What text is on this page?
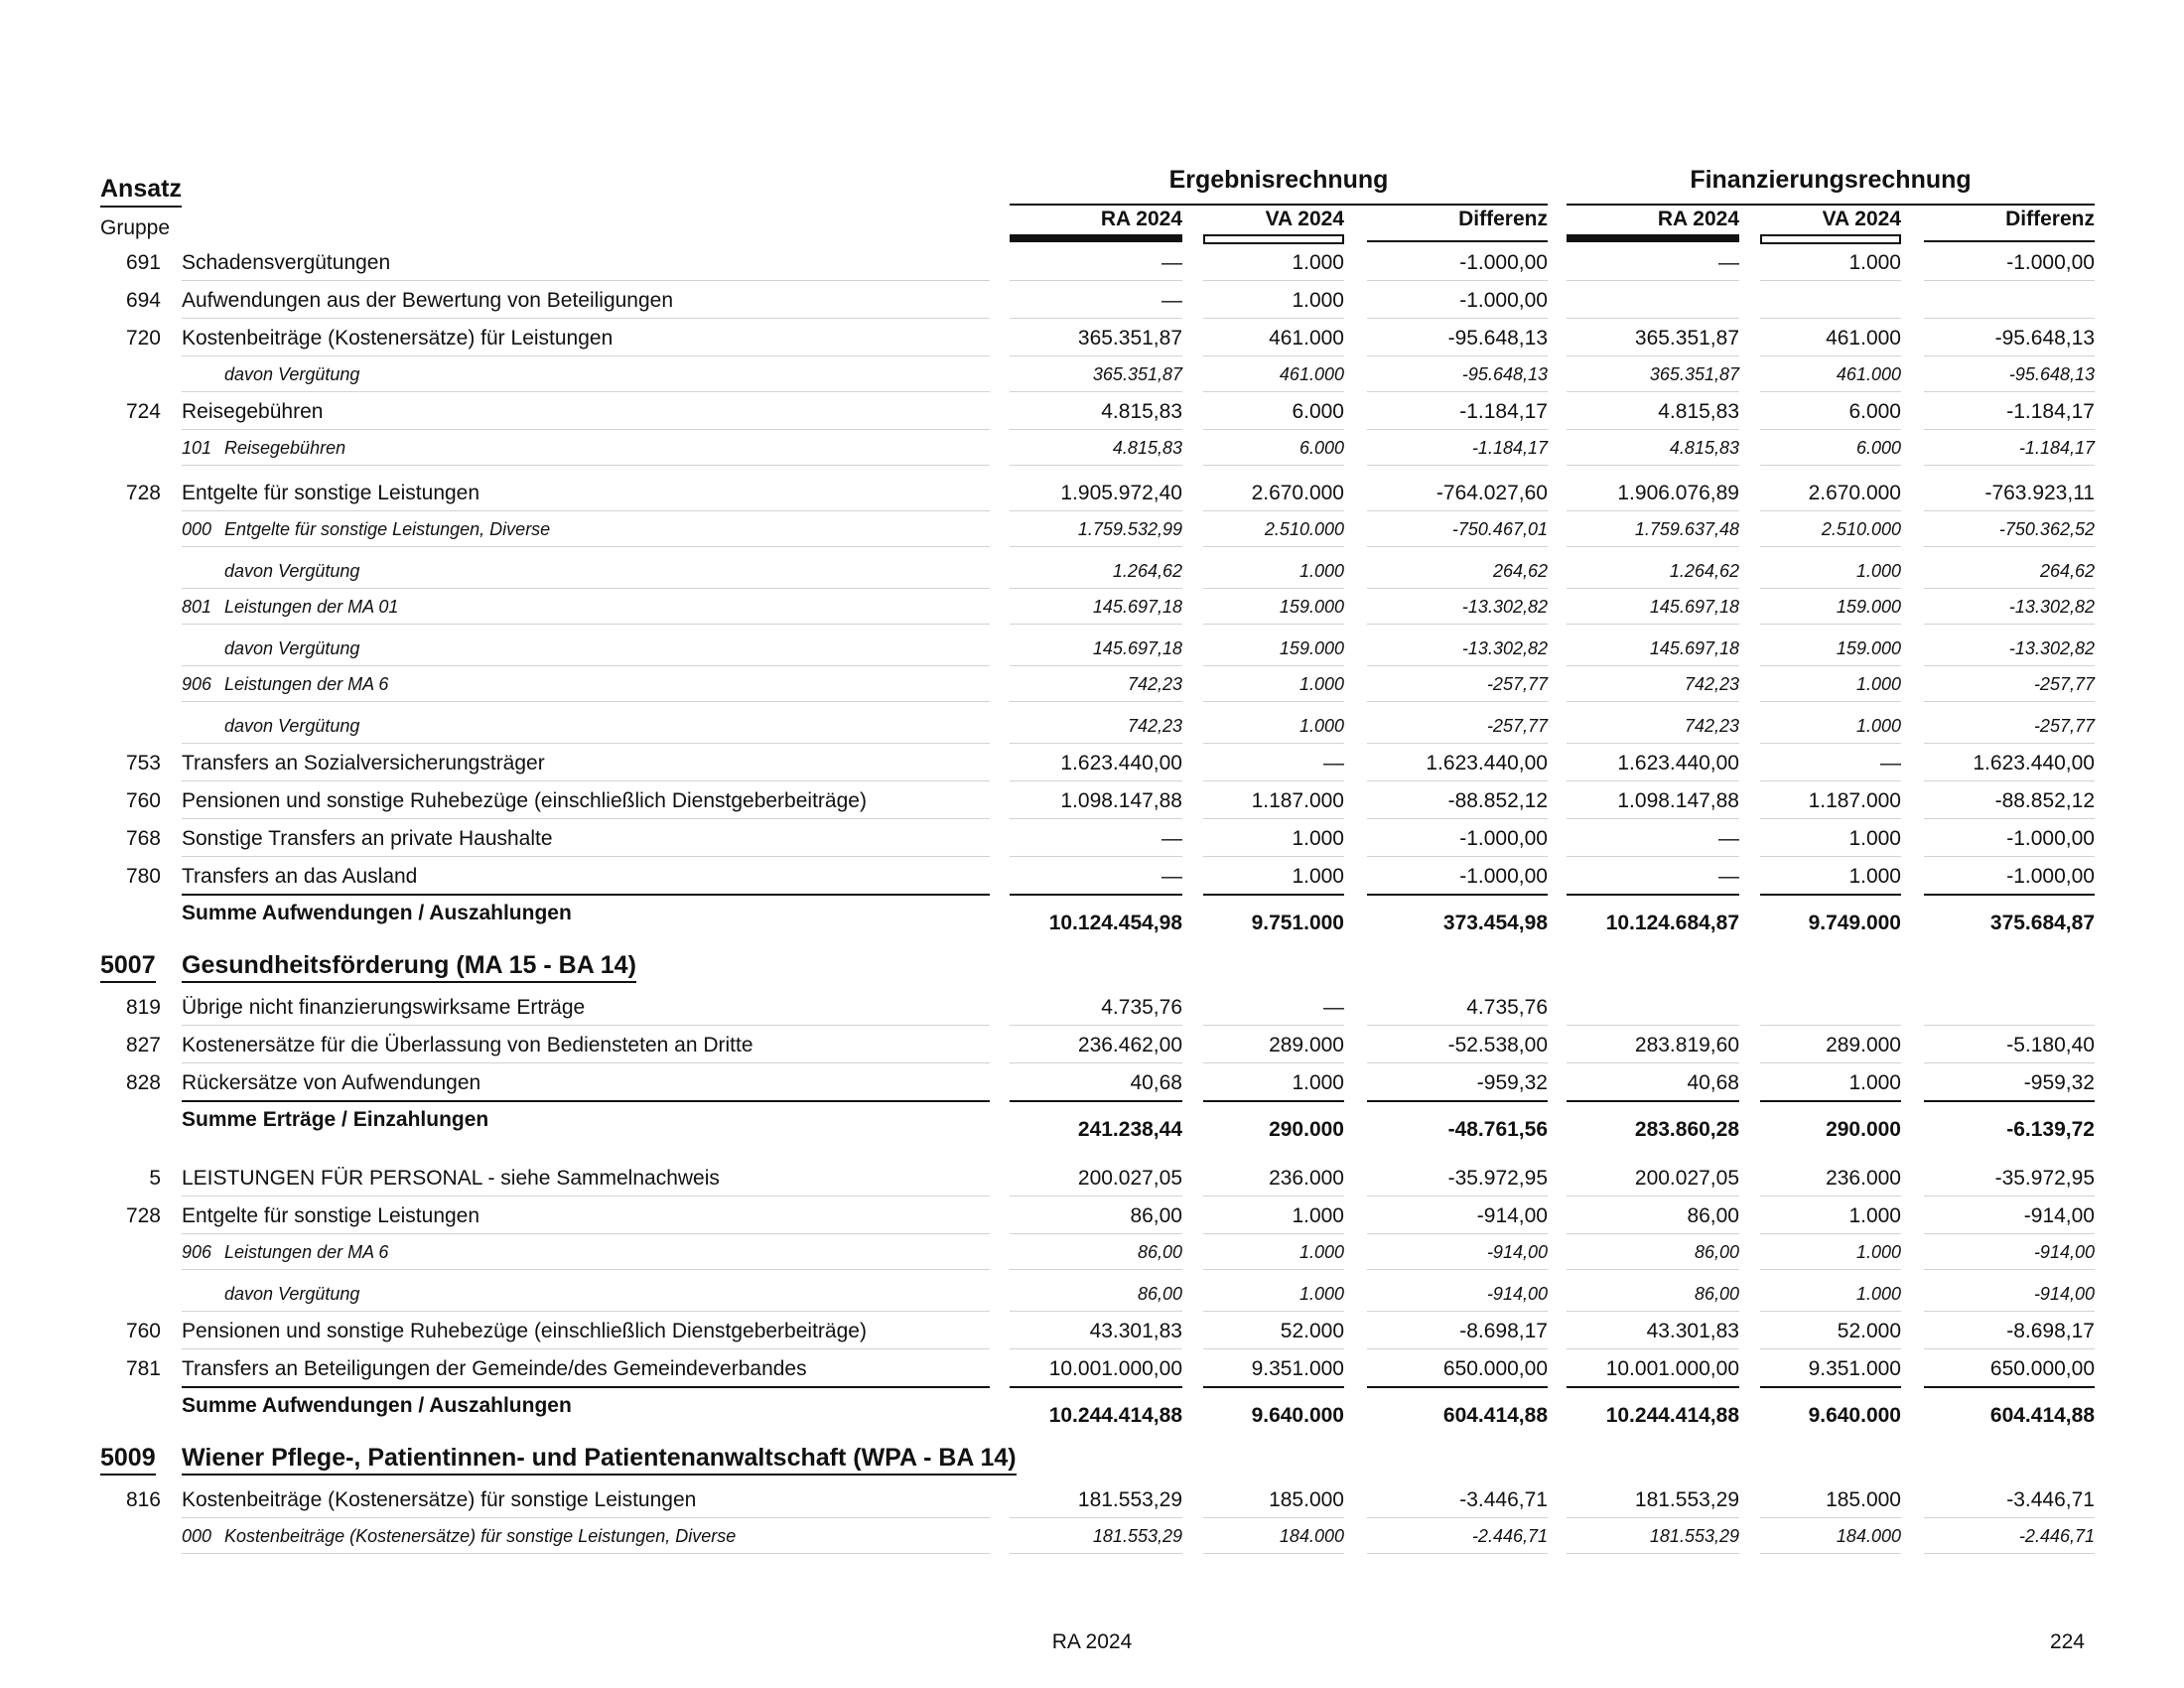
Ansatz
Gruppe
Ergebnisrechnung	Finanzierungsrechnung
RA 2024	VA 2024	Differenz	RA 2024	VA 2024	Differenz
691 Schadensvergütungen	—	1.000	-1.000,00	—	1.000	-1.000,00
694 Aufwendungen aus der Bewertung von Beteiligungen	—	1.000	-1.000,00
720 Kostenbeiträge (Kostenersätze) für Leistungen	365.351,87	461.000	-95.648,13	365.351,87	461.000	-95.648,13
davon Vergütung	365.351,87	461.000	-95.648,13	365.351,87	461.000	-95.648,13
724 Reisegebühren	4.815,83	6.000	-1.184,17	4.815,83	6.000	-1.184,17
101 Reisegebühren	4.815,83	6.000	-1.184,17	4.815,83	6.000	-1.184,17
728 Entgelte für sonstige Leistungen	1.905.972,40	2.670.000	-764.027,60	1.906.076,89	2.670.000	-763.923,11
000 Entgelte für sonstige Leistungen, Diverse	1.759.532,99	2.510.000	-750.467,01	1.759.637,48	2.510.000	-750.362,52
davon Vergütung	1.264,62	1.000	264,62	1.264,62	1.000	264,62
801 Leistungen der MA 01	145.697,18	159.000	-13.302,82	145.697,18	159.000	-13.302,82
davon Vergütung	145.697,18	159.000	-13.302,82	145.697,18	159.000	-13.302,82
906 Leistungen der MA 6	742,23	1.000	-257,77	742,23	1.000	-257,77
davon Vergütung	742,23	1.000	-257,77	742,23	1.000	-257,77
753 Transfers an Sozialversicherungsträger	1.623.440,00	—	1.623.440,00	1.623.440,00	—	1.623.440,00
760 Pensionen und sonstige Ruhebezüge (einschließlich Dienstgeberbeiträge)	1.098.147,88	1.187.000	-88.852,12	1.098.147,88	1.187.000	-88.852,12
768 Sonstige Transfers an private Haushalte	—	1.000	-1.000,00	—	1.000	-1.000,00
780 Transfers an das Ausland	—	1.000	-1.000,00	—	1.000	-1.000,00
Summe Aufwendungen / Auszahlungen	10.124.454,98	9.751.000	373.454,98	10.124.684,87	9.749.000	375.684,87
5007 Gesundheitsförderung (MA 15 - BA 14)
819 Übrige nicht finanzierungswirksame Erträge	4.735,76	—	4.735,76
827 Kostenersätze für die Überlassung von Bediensteten an Dritte	236.462,00	289.000	-52.538,00	283.819,60	289.000	-5.180,40
828 Rückersätze von Aufwendungen	40,68	1.000	-959,32	40,68	1.000	-959,32
Summe Erträge / Einzahlungen	241.238,44	290.000	-48.761,56	283.860,28	290.000	-6.139,72
5 LEISTUNGEN FÜR PERSONAL - siehe Sammelnachweis	200.027,05	236.000	-35.972,95	200.027,05	236.000	-35.972,95
728 Entgelte für sonstige Leistungen	86,00	1.000	-914,00	86,00	1.000	-914,00
906 Leistungen der MA 6	86,00	1.000	-914,00	86,00	1.000	-914,00
davon Vergütung	86,00	1.000	-914,00	86,00	1.000	-914,00
760 Pensionen und sonstige Ruhebezüge (einschließlich Dienstgeberbeiträge)	43.301,83	52.000	-8.698,17	43.301,83	52.000	-8.698,17
781 Transfers an Beteiligungen der Gemeinde/des Gemeindeverbandes	10.001.000,00	9.351.000	650.000,00	10.001.000,00	9.351.000	650.000,00
Summe Aufwendungen / Auszahlungen	10.244.414,88	9.640.000	604.414,88	10.244.414,88	9.640.000	604.414,88
5009 Wiener Pflege-, Patientinnen- und Patientenanwaltschaft (WPA - BA 14)
816 Kostenbeiträge (Kostenersätze) für sonstige Leistungen	181.553,29	185.000	-3.446,71	181.553,29	185.000	-3.446,71
000 Kostenbeiträge (Kostenersätze) für sonstige Leistungen, Diverse	181.553,29	184.000	-2.446,71	181.553,29	184.000	-2.446,71
RA 2024	224
